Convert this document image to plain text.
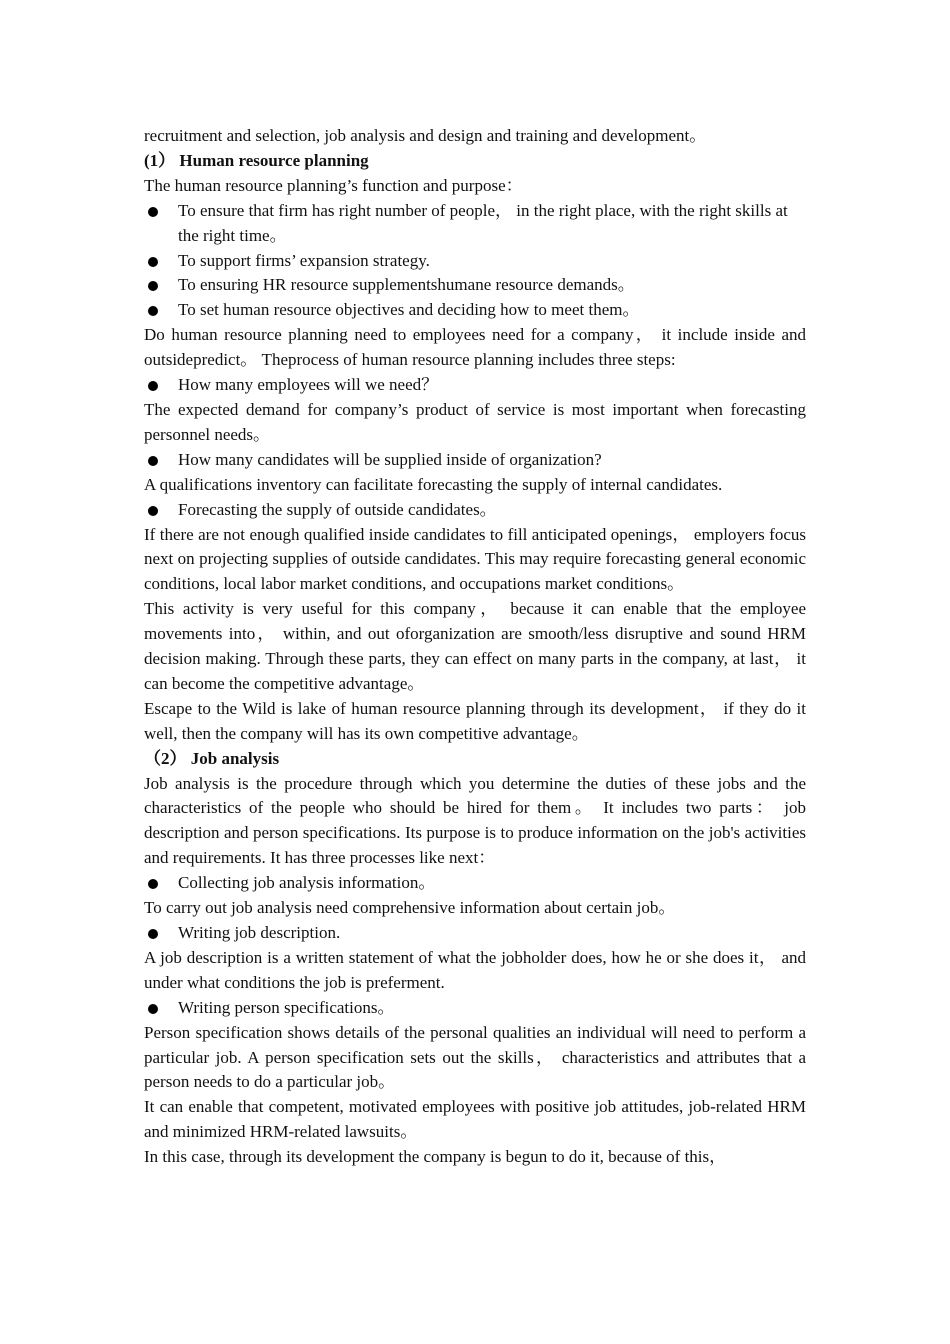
recruitment and selection, job analysis and design and training and development。

(1） Human resource planning

The human resource planning’s function and purpose：

To ensure that firm has right number of people， in the right place, with the right skills at the right time。
To support firms’ expansion strategy.
To ensuring HR resource supplementshumane resource demands。
To set human resource objectives and deciding how to meet them。

Do human resource planning need to employees need for a company， it include inside and outsidepredict。 Theprocess of human resource planning includes three steps:

How many employees will we need？

The expected demand for company’s product of service is most important when forecasting personnel needs。

How many candidates will be supplied inside of organization?

A qualifications inventory can facilitate forecasting the supply of internal candidates.

Forecasting the supply of outside candidates。

If there are not enough qualified inside candidates to fill anticipated openings， employers focus next on projecting supplies of outside candidates. This may require forecasting general economic conditions, local labor market conditions, and occupations market conditions。

This activity is very useful for this company， because it can enable that the employee movements into， within, and out oforganization are smooth/less disruptive and sound HRM decision making. Through these parts, they can effect on many parts in the company, at last， it can become the competitive advantage。

Escape to the Wild is lake of human resource planning through its development， if they do it well, then the company will has its own competitive advantage。

（2） Job analysis

Job analysis is the procedure through which you determine the duties of these jobs and the characteristics of the people who should be hired for them。 It includes two parts： job description and person specifications. Its purpose is to produce information on the job's activities and requirements. It has three processes like next：

Collecting job analysis information。

To carry out job analysis need comprehensive information about certain job。

Writing job description.

A job description is a written statement of what the jobholder does, how he or she does it， and under what conditions the job is preferment.

Writing person specifications。

Person specification shows details of the personal qualities an individual will need to perform a particular job. A person specification sets out the skills， characteristics and attributes that a person needs to do a particular job。

It can enable that competent, motivated employees with positive job attitudes, job-related HRM and minimized HRM-related lawsuits。

In this case, through its development the company is begun to do it, because of this，
